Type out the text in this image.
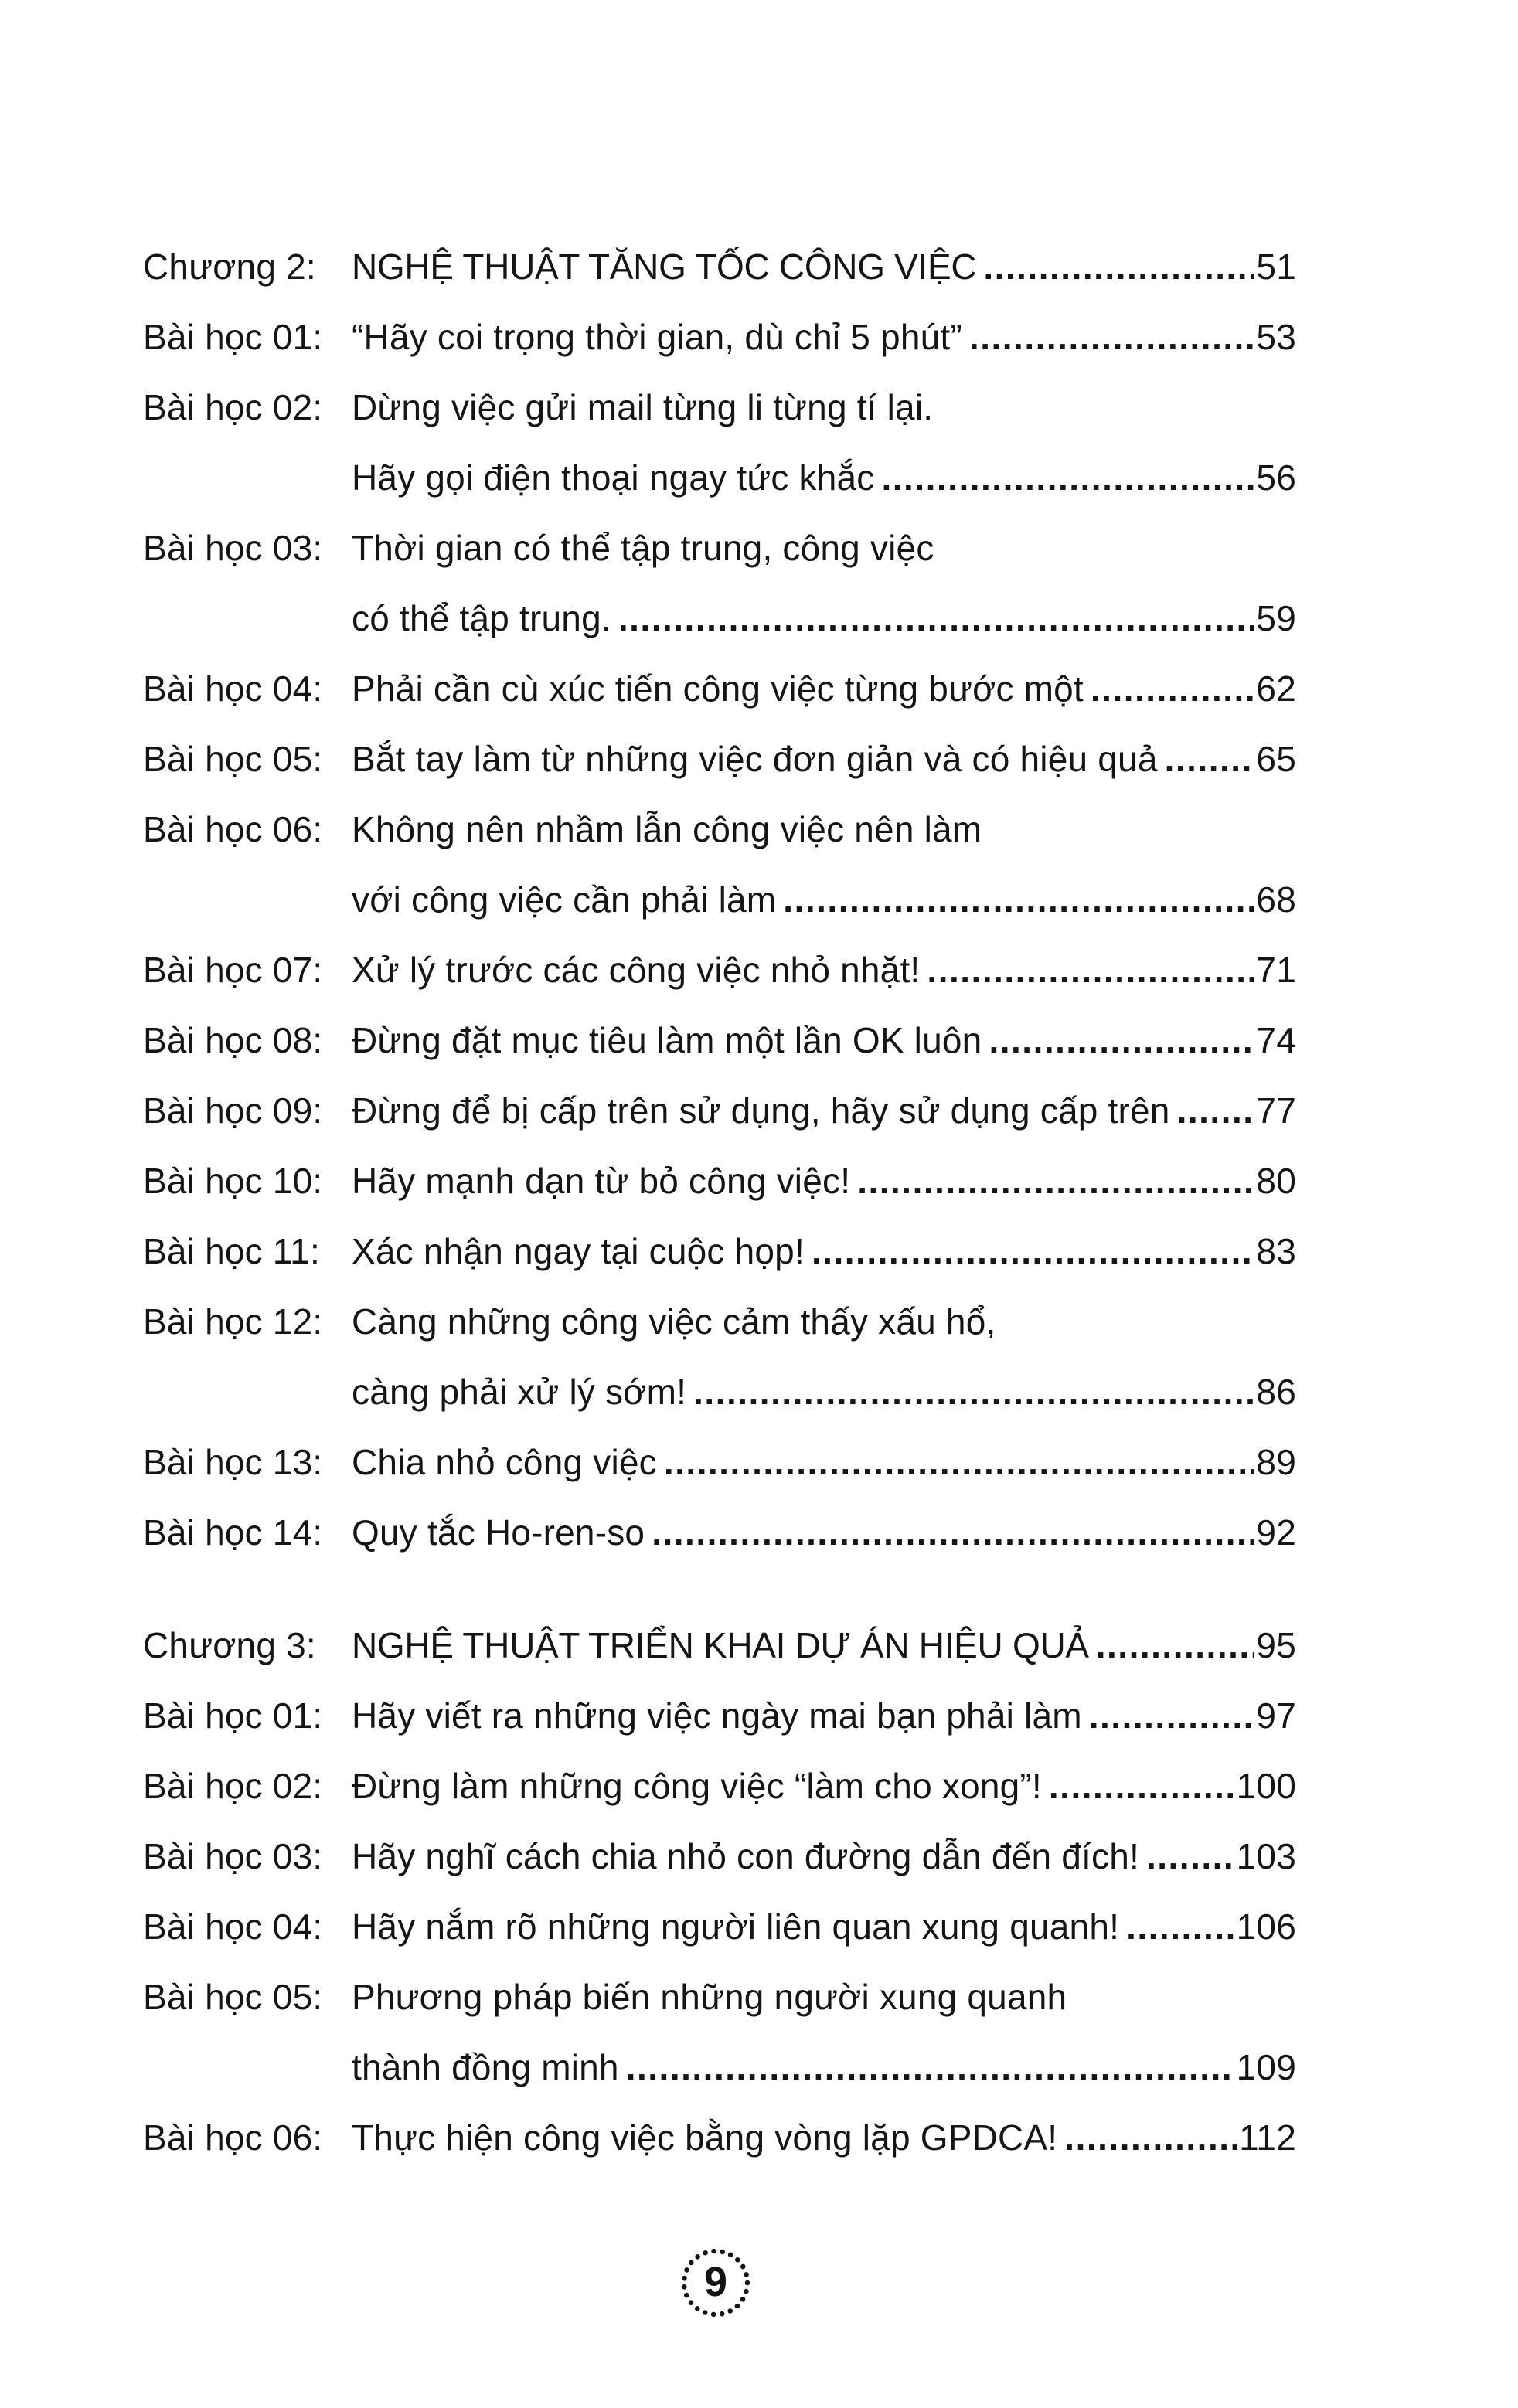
Chương 2:	NGHỆ THUẬT TĂNG TỐC CÔNG VIỆC .....	51
Bài học 01: “Hãy coi trọng thời gian, dù chỉ 5 phút” .....	53
Bài học 02: Dừng việc gửi mail từng li từng tí lại.
Hãy gọi điện thoại ngay tức khắc .....	56
Bài học 03: Thời gian có thể tập trung, công việc
có thể tập trung. .....	59
Bài học 04: Phải cần cù xúc tiến công việc từng bước một .....	62
Bài học 05: Bắt tay làm từ những việc đơn giản và có hiệu quả .....	65
Bài học 06: Không nên nhầm lẫn công việc nên làm
với công việc cần phải làm .....	68
Bài học 07: Xử lý trước các công việc nhỏ nhặt! .....	71
Bài học 08: Đừng đặt mục tiêu làm một lần OK luôn .....	74
Bài học 09: Đừng để bị cấp trên sử dụng, hãy sử dụng cấp trên ..... 77
Bài học 10: Hãy mạnh dạn từ bỏ công việc! .....	80
Bài học 11: Xác nhận ngay tại cuộc họp! .....	83
Bài học 12: Càng những công việc cảm thấy xấu hổ,
càng phải xử lý sớm! .....	86
Bài học 13: Chia nhỏ công việc .....	89
Bài học 14: Quy tắc Ho-ren-so .....	92
Chương 3:	NGHỆ THUẬT TRIỂN KHAI DỰ ÁN HIỆU QUẢ .....	95
Bài học 01: Hãy viết ra những việc ngày mai bạn phải làm .....	97
Bài học 02: Đừng làm những công việc “làm cho xong”! .....	100
Bài học 03: Hãy nghĩ cách chia nhỏ con đường dẫn đến đích! .....	103
Bài học 04: Hãy nắm rõ những người liên quan xung quanh! .....	106
Bài học 05: Phương pháp biến những người xung quanh
thành đồng minh .....	109
Bài học 06: Thực hiện công việc bằng vòng lặp GPDCA! .....	112
9
